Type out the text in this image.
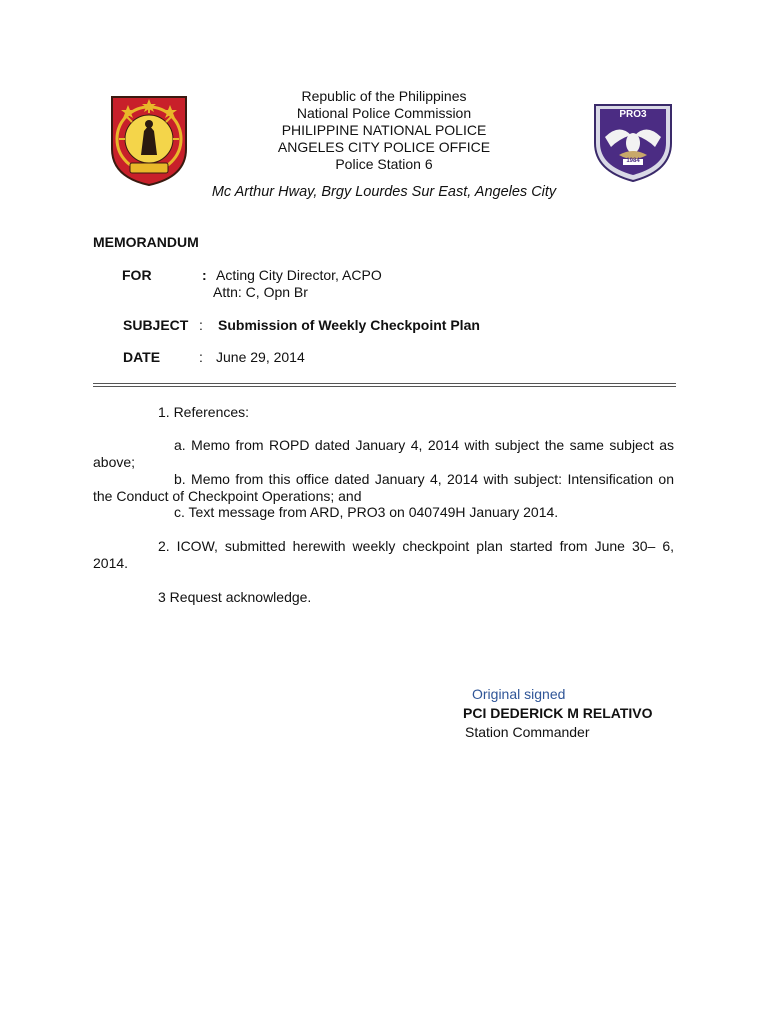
PRO3
1984
Republic of the Philippines
National Police Commission
PHILIPPINE NATIONAL POLICE
ANGELES CITY POLICE OFFICE
Police Station 6
Mc Arthur Hway, Brgy Lourdes Sur East, Angeles City
MEMORANDUM
FOR	: Acting City Director, ACPO
Attn: C, Opn Br
SUBJECT : Submission of Weekly Checkpoint Plan
DATE	: June 29, 2014
1. References:
a. Memo from ROPD dated January 4, 2014 with subject the same subject as above;
b. Memo from this office dated January 4, 2014 with subject: Intensification on the Conduct of Checkpoint Operations; and
c. Text message from ARD, PRO3 on 040749H January 2014.
2. ICOW, submitted herewith weekly checkpoint plan started from June 30– 6, 2014.
3 Request acknowledge.
Original signed
PCI DEDERICK M RELATIVO
Station Commander
